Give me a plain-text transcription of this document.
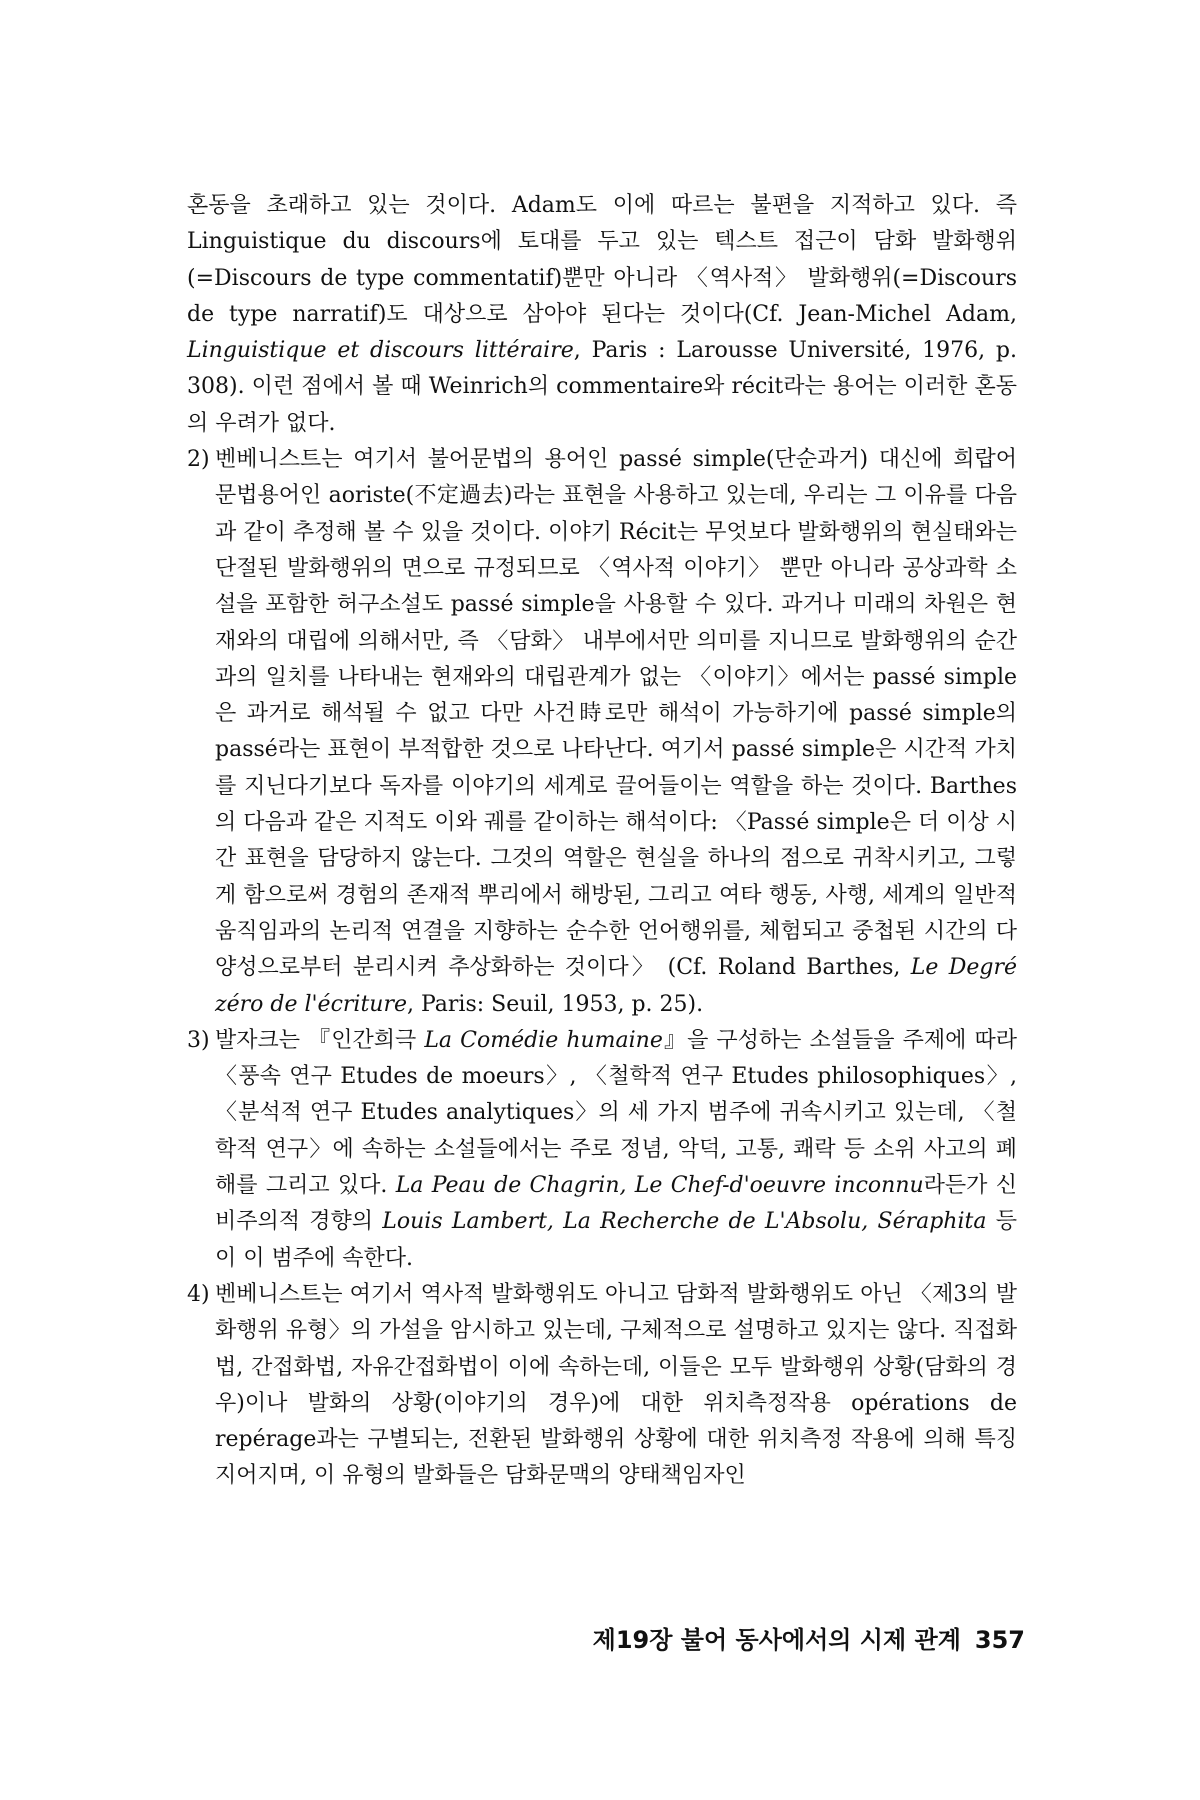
혼동을 초래하고 있는 것이다. Adam도 이에 따르는 불편을 지적하고 있다. 즉 Linguistique du discours에 토대를 두고 있는 텍스트 접근이 담화 발화행위(=Discours de type commentatif)뿐만 아니라 〈역사적〉 발화행위(=Discours de type narratif)도 대상으로 삼아야 된다는 것이다(Cf. Jean-Michel Adam, Linguistique et discours littéraire, Paris : Larousse Université, 1976, p. 308). 이런 점에서 볼 때 Weinrich의 commentaire와 récit라는 용어는 이러한 혼동의 우려가 없다.

2) 벤베니스트는 여기서 불어문법의 용어인 passé simple(단순과거) 대신에 희랍어 문법용어인 aoriste(不定過去)라는 표현을 사용하고 있는데, 우리는 그 이유를 다음과 같이 추정해 볼 수 있을 것이다. 이야기 Récit는 무엇보다 발화행위의 현실태와는 단절된 발화행위의 면으로 규정되므로 〈역사적 이야기〉 뿐만 아니라 공상과학 소설을 포함한 허구소설도 passé simple을 사용할 수 있다. 과거나 미래의 차원은 현재와의 대립에 의해서만, 즉 〈담화〉 내부에서만 의미를 지니므로 발화행위의 순간과의 일치를 나타내는 현재와의 대립관계가 없는 〈이야기〉에서는 passé simple은 과거로 해석될 수 없고 다만 사건時로만 해석이 가능하기에 passé simple의 passé라는 표현이 부적합한 것으로 나타난다. 여기서 passé simple은 시간적 가치를 지닌다기보다 독자를 이야기의 세계로 끌어들이는 역할을 하는 것이다. Barthes의 다음과 같은 지적도 이와 궤를 같이하는 해석이다: 〈Passé simple은 더 이상 시간 표현을 담당하지 않는다. 그것의 역할은 현실을 하나의 점으로 귀착시키고, 그렇게 함으로써 경험의 존재적 뿌리에서 해방된, 그리고 여타 행동, 사행, 세계의 일반적 움직임과의 논리적 연결을 지향하는 순수한 언어행위를, 체험되고 중첩된 시간의 다양성으로부터 분리시켜 추상화하는 것이다〉 (Cf. Roland Barthes, Le Degré zéro de l'écriture, Paris: Seuil, 1953, p. 25).

3) 발자크는 『인간희극 La Comédie humaine』을 구성하는 소설들을 주제에 따라 〈풍속 연구 Etudes de moeurs〉, 〈철학적 연구 Etudes philosophiques〉, 〈분석적 연구 Etudes analytiques〉의 세 가지 범주에 귀속시키고 있는데, 〈철학적 연구〉에 속하는 소설들에서는 주로 정념, 악덕, 고통, 쾌락 등 소위 사고의 폐해를 그리고 있다. La Peau de Chagrin, Le Chef-d'oeuvre inconnu라든가 신비주의적 경향의 Louis Lambert, La Recherche de L'Absolu, Séraphita 등이 이 범주에 속한다.

4) 벤베니스트는 여기서 역사적 발화행위도 아니고 담화적 발화행위도 아닌 〈제3의 발화행위 유형〉의 가설을 암시하고 있는데, 구체적으로 설명하고 있지는 않다. 직접화법, 간접화법, 자유간접화법이 이에 속하는데, 이들은 모두 발화행위 상황(담화의 경우)이나 발화의 상황(이야기의 경우)에 대한 위치측정작용 opérations de repérage과는 구별되는, 전환된 발화행위 상황에 대한 위치측정 작용에 의해 특징지어지며, 이 유형의 발화들은 담화문맥의 양태책임자인

제19장 불어 동사에서의 시제 관계 357
